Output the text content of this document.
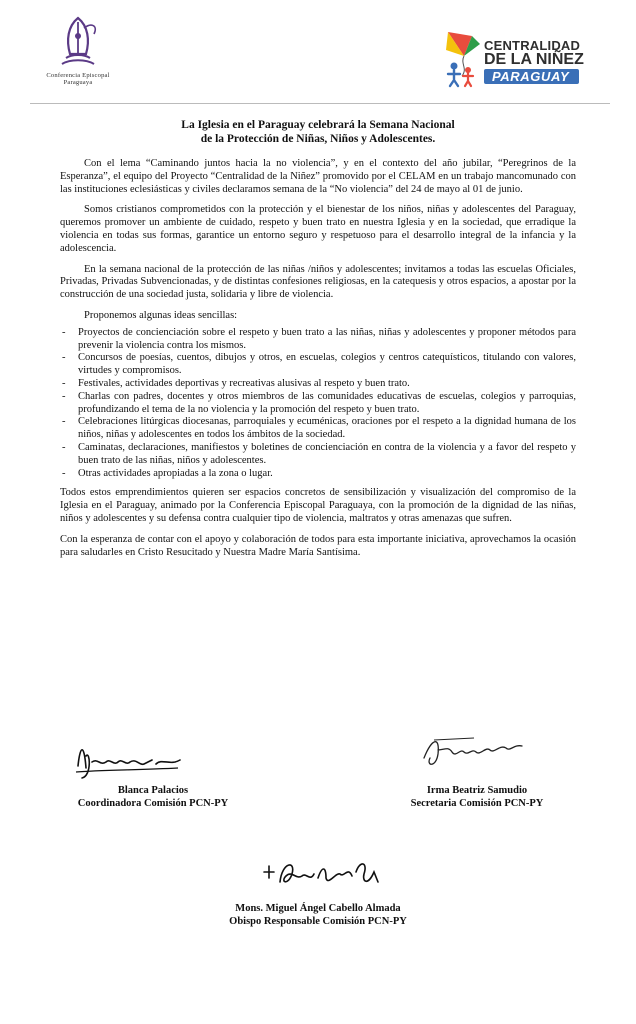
Conferencia Episcopal
Paraguaya
CENTRALIDAD
DE LA NIÑEZ
PARAGUAY
La Iglesia en el Paraguay celebrará la Semana Nacional
de la Protección de Niñas, Niños y Adolescentes.

Con el lema “Caminando juntos hacia la no violencia”, y en el contexto del año jubilar, “Peregrinos de la Esperanza”, el equipo del Proyecto “Centralidad de la Niñez” promovido por el CELAM en un trabajo mancomunado con las instituciones eclesiásticas y civiles declaramos semana de la “No violencia” del 24 de mayo al 01 de junio.

Somos cristianos comprometidos con la protección y el bienestar de los niños, niñas y adolescentes del Paraguay, queremos promover un ambiente de cuidado, respeto y buen trato en nuestra Iglesia y en la sociedad, que erradique la violencia en todas sus formas, garantice un entorno seguro y respetuoso para el desarrollo integral de la infancia y la adolescencia.

En la semana nacional de la protección de las niñas /niños y adolescentes; invitamos a todas las escuelas Oficiales, Privadas, Privadas Subvencionadas, y de distintas confesiones religiosas, en la catequesis y otros espacios, a apostar por la construcción de una sociedad justa, solidaria y libre de violencia.

Proponemos algunas ideas sencillas:

- Proyectos de concienciación sobre el respeto y buen trato a las niñas, niñas y adolescentes y proponer métodos para prevenir la violencia contra los mismos.
- Concursos de poesías, cuentos, dibujos y otros, en escuelas, colegios y centros catequísticos, titulando con valores, virtudes y compromisos.
- Festivales, actividades deportivas y recreativas alusivas al respeto y buen trato.
- Charlas con padres, docentes y otros miembros de las comunidades educativas de escuelas, colegios y parroquias, profundizando el tema de la no violencia y la promoción del respeto y buen trato.
- Celebraciones litúrgicas diocesanas, parroquiales y ecuménicas, oraciones por el respeto a la dignidad humana de los niños, niñas y adolescentes en todos los ámbitos de la sociedad.
- Caminatas, declaraciones, manifiestos y boletines de concienciación en contra de la violencia y a favor del respeto y buen trato de las niñas, niños y adolescentes.
- Otras actividades apropiadas a la zona o lugar.

Todos estos emprendimientos quieren ser espacios concretos de sensibilización y visualización del compromiso de la Iglesia en el Paraguay, animado por la Conferencia Episcopal Paraguaya, con la promoción de la dignidad de las niñas, niños y adolescentes y su defensa contra cualquier tipo de violencia, maltratos y otras amenazas que sufren.

Con la esperanza de contar con el apoyo y colaboración de todos para esta importante iniciativa, aprovechamos la ocasión para saludarles en Cristo Resucitado y Nuestra Madre María Santísima.

Blanca Palacios
Coordinadora Comisión PCN-PY
Irma Beatriz Samudio
Secretaria Comisión PCN-PY
Mons. Miguel Ángel Cabello Almada
Obispo Responsable Comisión PCN-PY
